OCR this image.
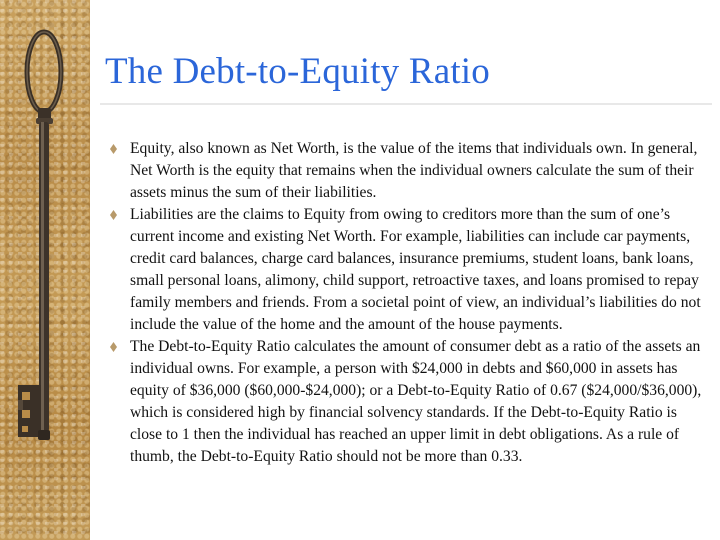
The Debt-to-Equity Ratio
Equity, also known as Net Worth, is the value of the items that individuals own. In general, Net Worth is the equity that remains when the individual owners calculate the sum of their assets minus the sum of their liabilities.
Liabilities are the claims to Equity from owing to creditors more than the sum of one’s current income and existing Net Worth. For example, liabilities can include car payments, credit card balances, charge card balances, insurance premiums, student loans, bank loans, small personal loans, alimony, child support, retroactive taxes, and loans promised to repay family members and friends. From a societal point of view, an individual’s liabilities do not include the value of the home and the amount of the house payments.
The Debt-to-Equity Ratio calculates the amount of consumer debt as a ratio of the assets an individual owns. For example, a person with $24,000 in debts and $60,000 in assets has equity of $36,000 ($60,000-$24,000); or a Debt-to-Equity Ratio of 0.67 ($24,000/$36,000), which is considered high by financial solvency standards. If the Debt-to-Equity Ratio is close to 1 then the individual has reached an upper limit in debt obligations. As a rule of thumb, the Debt-to-Equity Ratio should not be more than 0.33.
